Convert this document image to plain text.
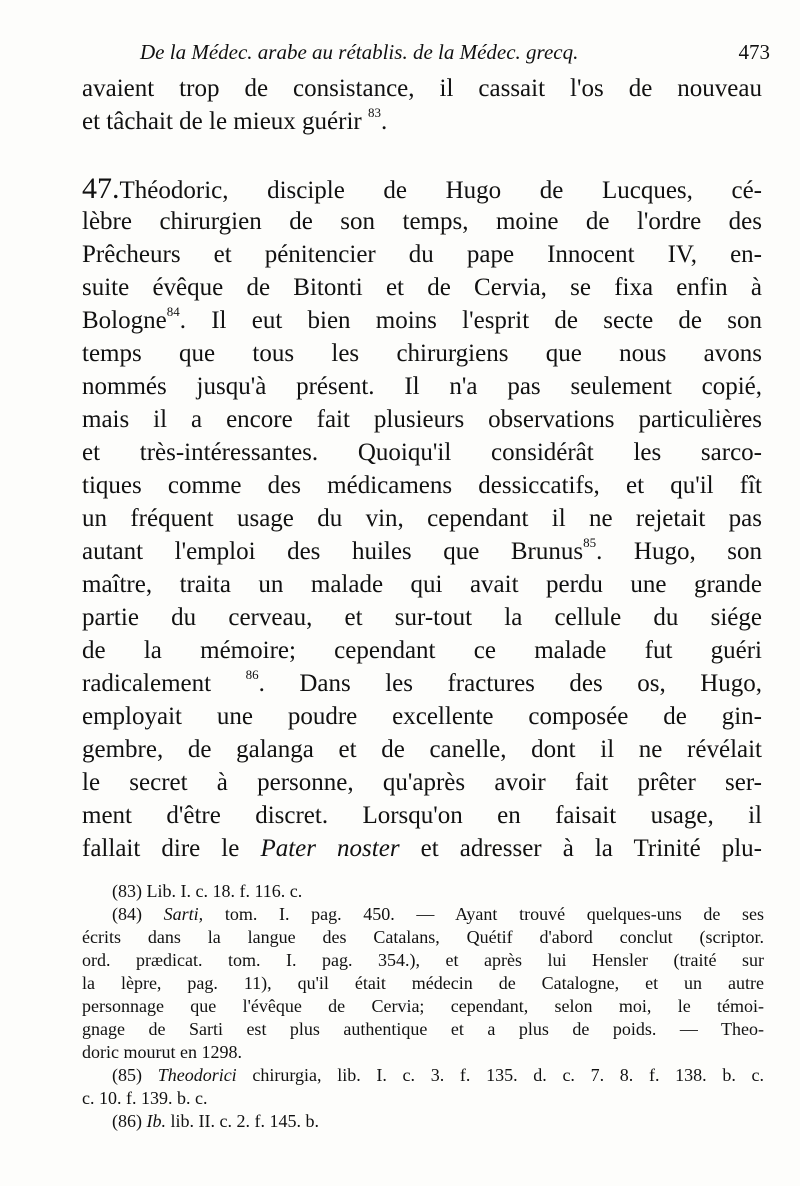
De la Médec. arabe au rétablis. de la Médec. grecq.	473
avaient trop de consistance, il cassait l'os de nouveau
et tâchait de le mieux guérir $^{83}$.
47.Théodoric, disciple de Hugo de Lucques, cé-
lèbre chirurgien de son temps, moine de l'ordre des
Prêcheurs et pénitencier du pape Innocent IV, en-
suite évêque de Bitonti et de Cervia, se fixa enfin à
Bologne$^{84}$. Il eut bien moins l'esprit de secte de son
temps que tous les chirurgiens que nous avons
nommés jusqu'à présent. Il n'a pas seulement copié,
mais il a encore fait plusieurs observations particulières
et très-intéressantes. Quoiqu'il considérât les sarco-
tiques comme des médicamens dessiccatifs, et qu'il fît
un fréquent usage du vin, cependant il ne rejetait pas
autant l'emploi des huiles que Brunus$^{85}$. Hugo, son
maître, traita un malade qui avait perdu une grande
partie du cerveau, et sur-tout la cellule du siége
de la mémoire; cependant ce malade fut guéri
radicalement	$^{86}$. Dans les fractures des os, Hugo,
employait une poudre excellente composée de gin-
gembre, de galanga et de canelle, dont il ne révélait
le secret à personne, qu'après avoir fait prêter ser-
ment d'être discret. Lorsqu'on en faisait usage, il
fallait dire le Pater noster et adresser à la Trinité plu-
(83) Lib. I. c. 18. f. 116. c.
(84) Sarti, tom. I. pag. 450. — Ayant trouvé quelques-uns de ses
écrits dans la langue des Catalans, Quétif d'abord conclut (scriptor.
ord. prædicat. tom. I. pag. 354.), et après lui Hensler (traité sur
la lèpre, pag. 11), qu'il était médecin de Catalogne, et un autre
personnage que l'évêque de Cervia; cependant, selon moi, le témoi-
gnage de Sarti est plus authentique et a plus de poids. — Theo-
doric mourut en 1298.
(85) Theodorici chirurgia, lib. I. c. 3. f. 135. d. c. 7. 8. f. 138. b. c.
c. 10. f. 139. b. c.
(86) Ib. lib. II. c. 2. f. 145. b.
